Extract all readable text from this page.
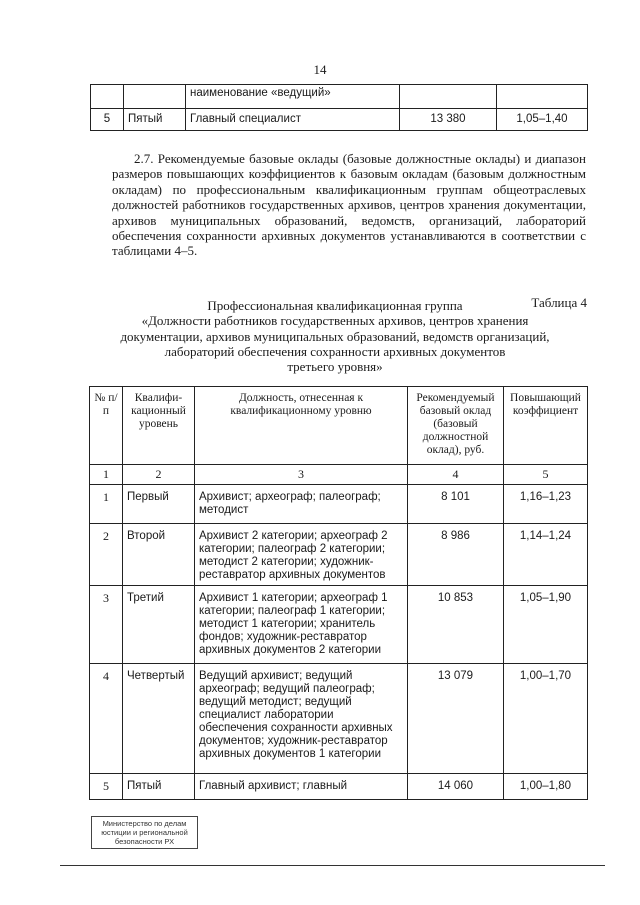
14
		наименование «ведущий»		
5	Пятый	Главный специалист	13 380	1,05–1,40

2.7. Рекомендуемые базовые оклады (базовые должностные оклады) и диапазон размеров повышающих коэффициентов к базовым окладам (базовым должностным окладам) по профессиональным квалификационным группам общеотраслевых должностей работников государственных архивов, центров хранения документации, архивов муниципальных образований, ведомств, организаций, лабораторий обеспечения сохранности архивных документов устанавливаются в соответствии с таблицами 4–5.

Таблица 4
Профессиональная квалификационная группа
«Должности работников государственных архивов, центров хранения
документации, архивов муниципальных образований, ведомств организаций,
лабораторий обеспечения сохранности архивных документов
третьего уровня»
№ п/п	Квалифи-кационный уровень	Должность, отнесенная к квалификационному уровню	Рекомендуемый базовый оклад (базовый должностной оклад), руб.	Повышающий коэффициент
1	2	3	4	5
1	Первый	Архивист; археограф; палеограф; методист	8 101	1,16–1,23
2	Второй	Архивист 2 категории; археограф 2 категории; палеограф 2 категории; методист 2 категории; художник-реставратор архивных документов	8 986	1,14–1,24
3	Третий	Архивист 1 категории; археограф 1 категории; палеограф 1 категории; методист 1 категории; хранитель фондов; художник-реставратор архивных документов 2 категории	10 853	1,05–1,90
4	Четвертый	Ведущий архивист; ведущий археограф; ведущий палеограф; ведущий методист; ведущий специалист лаборатории обеспечения сохранности архивных документов; художник-реставратор архивных документов 1 категории	13 079	1,00–1,70
5	Пятый	Главный архивист; главный	14 060	1,00–1,80
Министерство по делам
юстиции и региональной
безопасности РХ
